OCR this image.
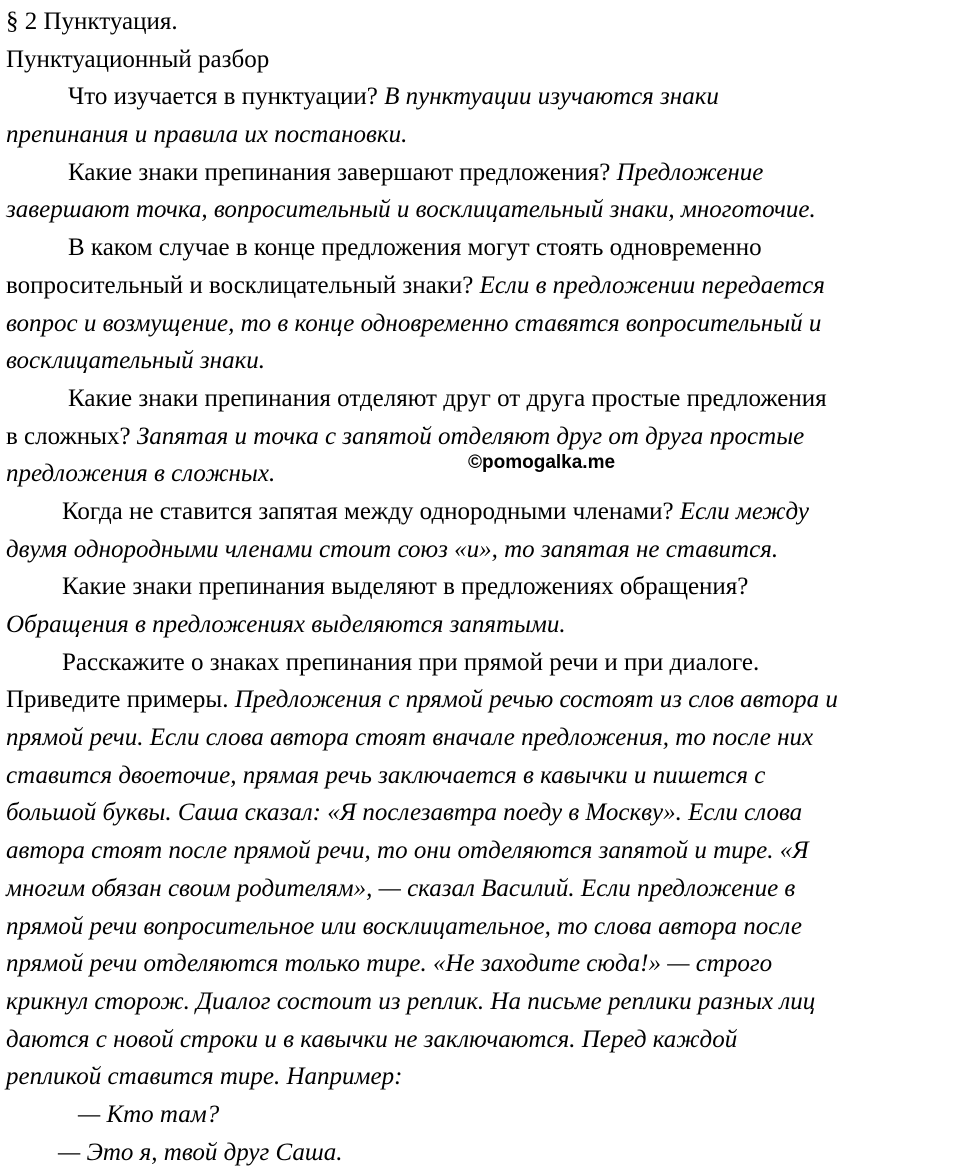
§ 2 Пунктуация.
Пунктуационный разбор
Что изучается в пунктуации? В пунктуации изучаются знаки
препинания и правила их постановки.
Какие знаки препинания завершают предложения? Предложение
завершают точка, вопросительный и восклицательный знаки, многоточие.
В каком случае в конце предложения могут стоять одновременно
вопросительный и восклицательный знаки? Если в предложении передается
вопрос и возмущение, то в конце одновременно ставятся вопросительный и
восклицательный знаки.
Какие знаки препинания отделяют друг от друга простые предложения
в сложных? Запятая и точка с запятой отделяют друг от друга простые
предложения в сложных.
Когда не ставится запятая между однородными членами? Если между
двумя однородными членами стоит союз «и», то запятая не ставится.
Какие знаки препинания выделяют в предложениях обращения?
Обращения в предложениях выделяются запятыми.
Расскажите о знаках препинания при прямой речи и при диалоге.
Приведите примеры. Предложения с прямой речью состоят из слов автора и
прямой речи. Если слова автора стоят вначале предложения, то после них
ставится двоеточие, прямая речь заключается в кавычки и пишется с
большой буквы. Саша сказал: «Я послезавтра поеду в Москву». Если слова
автора стоят после прямой речи, то они отделяются запятой и тире. «Я
многим обязан своим родителям», — сказал Василий. Если предложение в
прямой речи вопросительное или восклицательное, то слова автора после
прямой речи отделяются только тире. «Не заходите сюда!» — строго
крикнул сторож. Диалог состоит из реплик. На письме реплики разных лиц
даются с новой строки и в кавычки не заключаются. Перед каждой
репликой ставится тире. Например:
— Кто там?
— Это я, твой друг Саша.
©pomogalka.me
